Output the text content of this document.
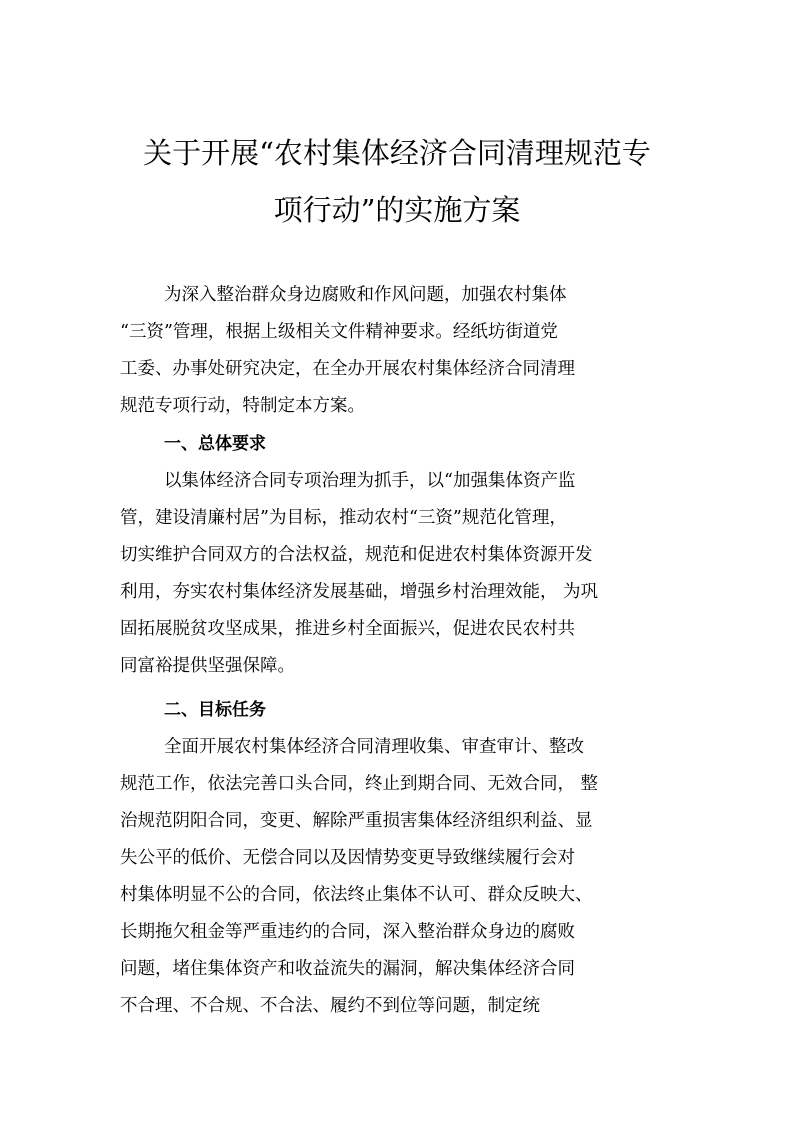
关于开展“农村集体经济合同清理规范专
项行动”的实施方案

为深入整治群众身边腐败和作风问题，加强农村集体

“三资”管理，根据上级相关文件精神要求。经纸坊街道党

工委、办事处研究决定，在全办开展农村集体经济合同清理

规范专项行动，特制定本方案。

一、总体要求

以集体经济合同专项治理为抓手，以“加强集体资产监

管，建设清廉村居”为目标，推动农村“三资”规范化管理，

切实维护合同双方的合法权益，规范和促进农村集体资源开发

利用，夯实农村集体经济发展基础，增强乡村治理效能， 为巩

固拓展脱贫攻坚成果，推进乡村全面振兴，促进农民农村共

同富裕提供坚强保障。

二、目标任务

全面开展农村集体经济合同清理收集、审查审计、整改

规范工作，依法完善口头合同，终止到期合同、无效合同， 整

治规范阴阳合同，变更、解除严重损害集体经济组织利益、显

失公平的低价、无偿合同以及因情势变更导致继续履行会对

村集体明显不公的合同，依法终止集体不认可、群众反映大、

长期拖欠租金等严重违约的合同，深入整治群众身边的腐败

问题，堵住集体资产和收益流失的漏洞，解决集体经济合同

不合理、不合规、不合法、履约不到位等问题，制定统
